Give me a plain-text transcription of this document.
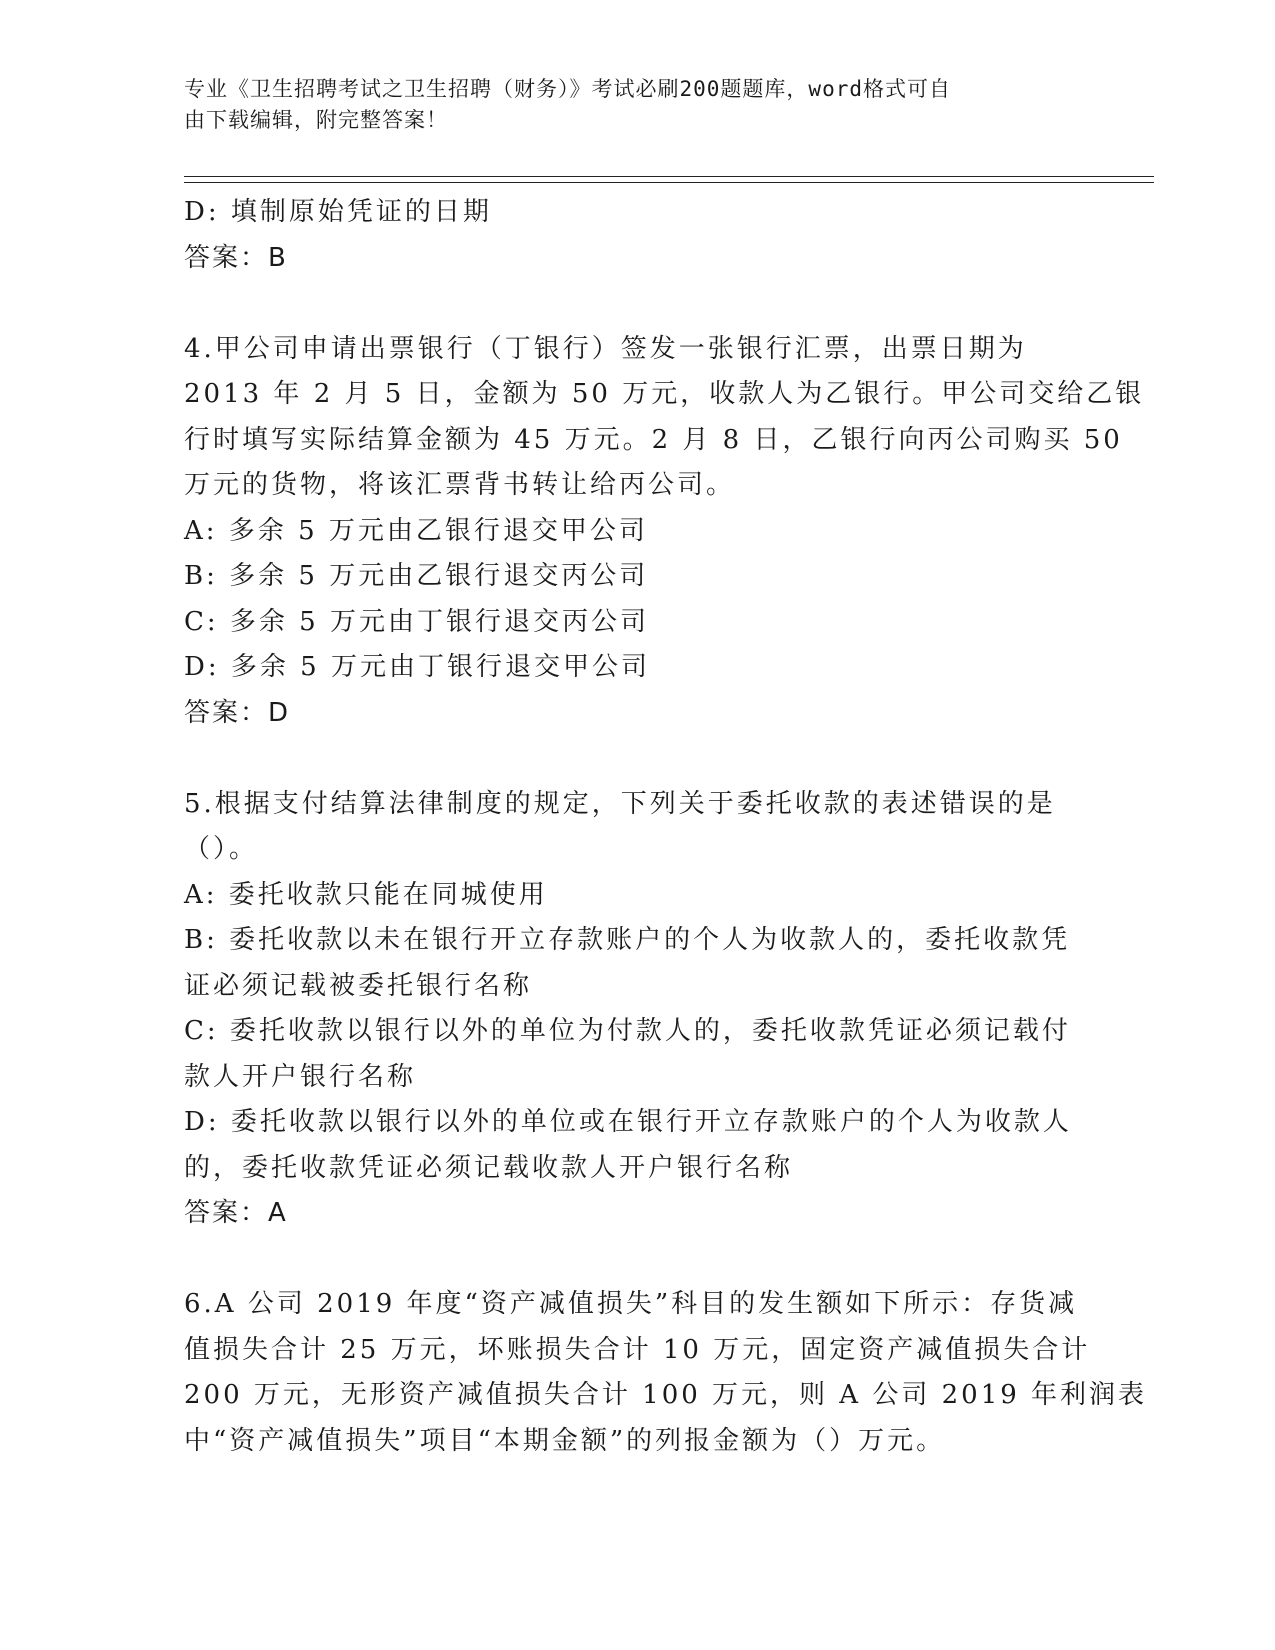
专业《卫生招聘考试之卫生招聘（财务）》考试必刷200题题库，word格式可自
由下载编辑，附完整答案！
D: 填制原始凭证的日期
答案：B
4.甲公司申请出票银行（丁银行）签发一张银行汇票，出票日期为
2013 年 2 月 5 日，金额为 50 万元，收款人为乙银行。甲公司交给乙银
行时填写实际结算金额为 45 万元。2 月 8 日，乙银行向丙公司购买 50
万元的货物，将该汇票背书转让给丙公司。
A: 多余 5 万元由乙银行退交甲公司
B: 多余 5 万元由乙银行退交丙公司
C: 多余 5 万元由丁银行退交丙公司
D: 多余 5 万元由丁银行退交甲公司
答案：D
5.根据支付结算法律制度的规定，下列关于委托收款的表述错误的是
（）。
A: 委托收款只能在同城使用
B: 委托收款以未在银行开立存款账户的个人为收款人的，委托收款凭
证必须记载被委托银行名称
C: 委托收款以银行以外的单位为付款人的，委托收款凭证必须记载付
款人开户银行名称
D: 委托收款以银行以外的单位或在银行开立存款账户的个人为收款人
的，委托收款凭证必须记载收款人开户银行名称
答案：A
6.A 公司 2019 年度“资产减值损失”科目的发生额如下所示：存货减
值损失合计 25 万元，坏账损失合计 10 万元，固定资产减值损失合计
200 万元，无形资产减值损失合计 100 万元，则 A 公司 2019 年利润表
中“资产减值损失”项目“本期金额”的列报金额为（）万元。
